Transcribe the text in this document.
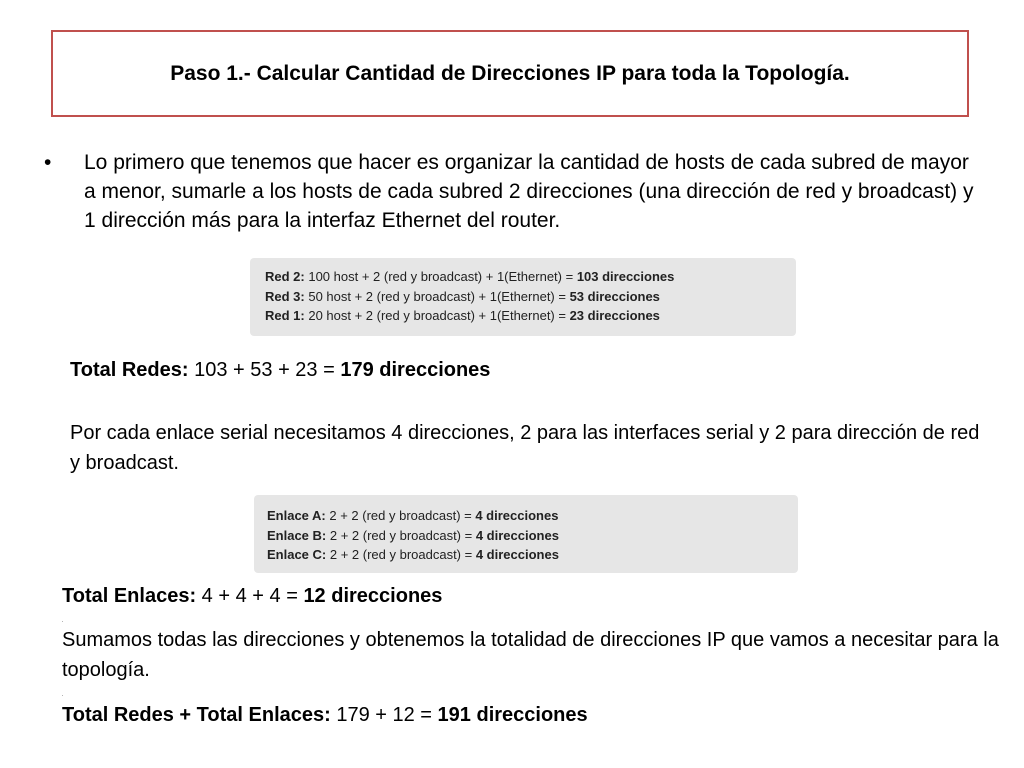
Paso 1.- Calcular Cantidad de Direcciones IP para toda la Topología.
• Lo primero que tenemos que hacer es organizar la cantidad de hosts de cada subred de mayor a menor, sumarle a los hosts de cada subred 2 direcciones (una dirección de red y broadcast) y 1 dirección más para la interfaz Ethernet del router.
Red 2: 100 host + 2 (red y broadcast) + 1(Ethernet) = 103 direcciones
Red 3: 50 host + 2 (red y broadcast) + 1(Ethernet) = 53 direcciones
Red 1: 20 host + 2 (red y broadcast) + 1(Ethernet) = 23 direcciones
Total Redes: 103 + 53 + 23 = 179 direcciones
Por cada enlace serial necesitamos 4 direcciones, 2 para las interfaces serial y 2 para dirección de red y broadcast.
Enlace A: 2 + 2 (red y broadcast) = 4 direcciones
Enlace B: 2 + 2 (red y broadcast) = 4 direcciones
Enlace C: 2 + 2 (red y broadcast) = 4 direcciones
Total Enlaces: 4 + 4 + 4 = 12 direcciones
.
Sumamos todas las direcciones y obtenemos la totalidad de direcciones IP que vamos a necesitar para la topología.
.
Total Redes + Total Enlaces: 179 + 12 = 191 direcciones
